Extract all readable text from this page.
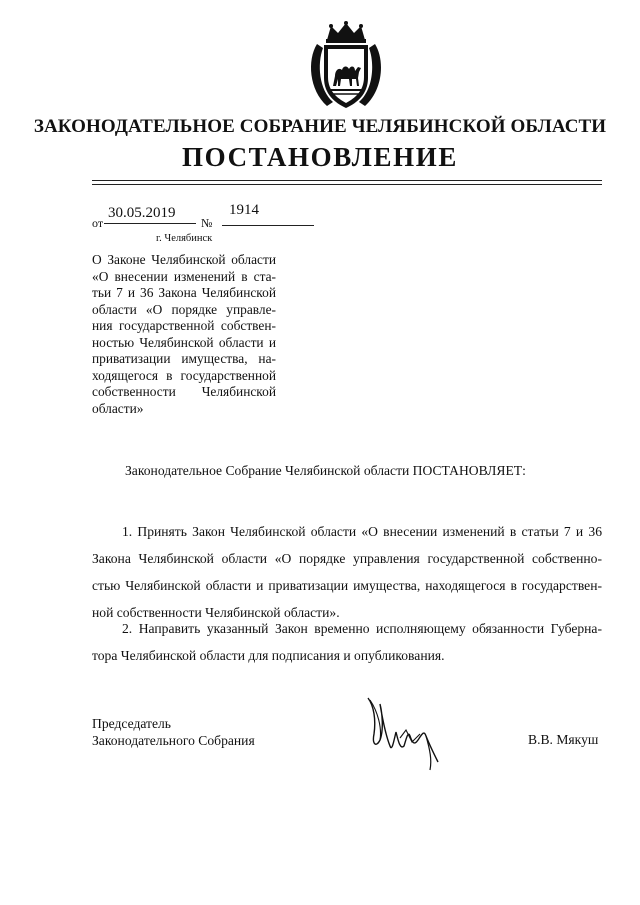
ЗАКОНОДАТЕЛЬНОЕ СОБРАНИЕ ЧЕЛЯБИНСКОЙ ОБЛАСТИ
ПОСТАНОВЛЕНИЕ
от
30.05.2019
№
1914
г. Челябинск
О Законе Челябинской области
«О внесении изменений в ста-
тьи 7 и 36 Закона Челябинской
области «О порядке управле-
ния государственной собствен-
ностью Челябинской области и
приватизации имущества, на-
ходящегося в государственной
собственности Челябинской
области»
Законодательное Собрание Челябинской области ПОСТАНОВЛЯЕТ:
1. Принять Закон Челябинской области «О внесении изменений в статьи 7 и 36
Закона Челябинской области «О порядке управления государственной собственно-
стью Челябинской области и приватизации имущества, находящегося в государствен-
ной собственности Челябинской области».
2. Направить указанный Закон временно исполняющему обязанности Губерна-
тора Челябинской области для подписания и опубликования.
Председатель
Законодательного Собрания	В.В. Мякуш
